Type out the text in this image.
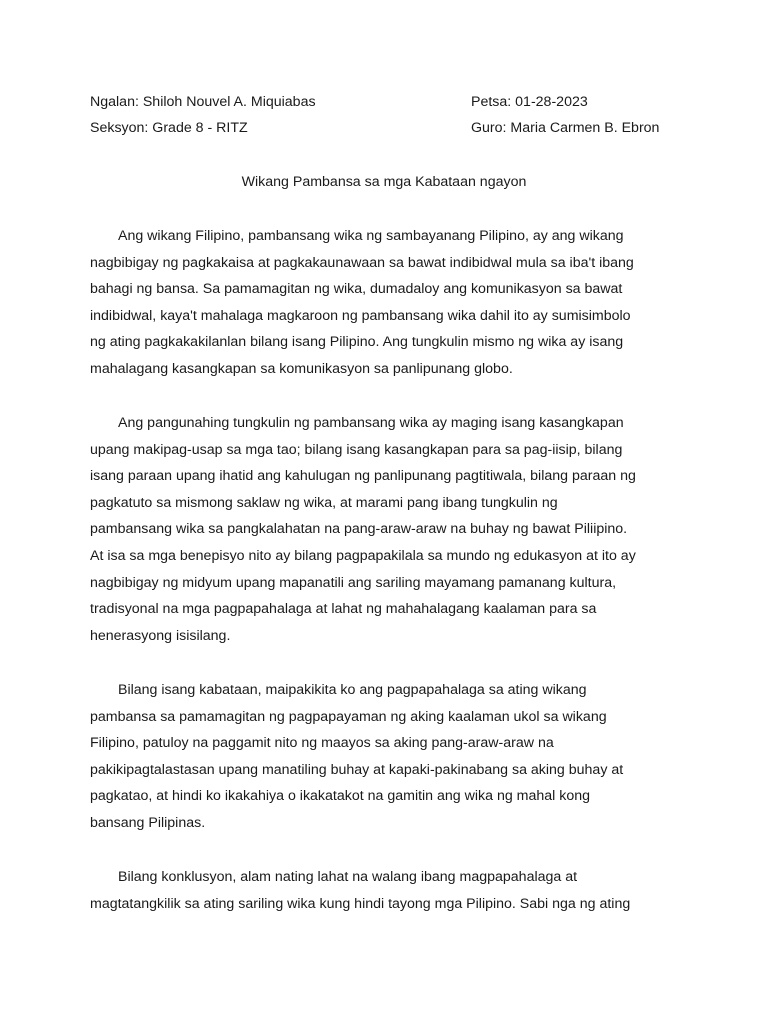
Ngalan: Shiloh Nouvel A. Miquiabas	Petsa: 01-28-2023
Seksyon: Grade 8 - RITZ	Guro: Maria Carmen B. Ebron
Wikang Pambansa sa mga Kabataan ngayon
Ang wikang Filipino, pambansang wika ng sambayanang Pilipino, ay ang wikang
nagbibigay ng pagkakaisa at pagkakaunawaan sa bawat indibidwal mula sa iba't ibang
bahagi ng bansa. Sa pamamagitan ng wika, dumadaloy ang komunikasyon sa bawat
indibidwal, kaya't mahalaga magkaroon ng pambansang wika dahil ito ay sumisimbolo
ng ating pagkakakilanlan bilang isang Pilipino. Ang tungkulin mismo ng wika ay isang
mahalagang kasangkapan sa komunikasyon sa panlipunang globo.
Ang pangunahing tungkulin ng pambansang wika ay maging isang kasangkapan
upang makipag-usap sa mga tao; bilang isang kasangkapan para sa pag-iisip, bilang
isang paraan upang ihatid ang kahulugan ng panlipunang pagtitiwala, bilang paraan ng
pagkatuto sa mismong saklaw ng wika, at marami pang ibang tungkulin ng
pambansang wika sa pangkalahatan na pang-araw-araw na buhay ng bawat Piliipino.
At isa sa mga benepisyo nito ay bilang pagpapakilala sa mundo ng edukasyon at ito ay
nagbibigay ng midyum upang mapanatili ang sariling mayamang pamanang kultura,
tradisyonal na mga pagpapahalaga at lahat ng mahahalagang kaalaman para sa
henerasyong isisilang.
Bilang isang kabataan, maipakikita ko ang pagpapahalaga sa ating wikang
pambansa sa pamamagitan ng pagpapayaman ng aking kaalaman ukol sa wikang
Filipino, patuloy na paggamit nito ng maayos sa aking pang-araw-araw na
pakikipagtalastasan upang manatiling buhay at kapaki-pakinabang sa aking buhay at
pagkatao, at hindi ko ikakahiya o ikakatakot na gamitin ang wika ng mahal kong
bansang Pilipinas.
Bilang konklusyon, alam nating lahat na walang ibang magpapahalaga at
magtatangkilik sa ating sariling wika kung hindi tayong mga Pilipino. Sabi nga ng ating
